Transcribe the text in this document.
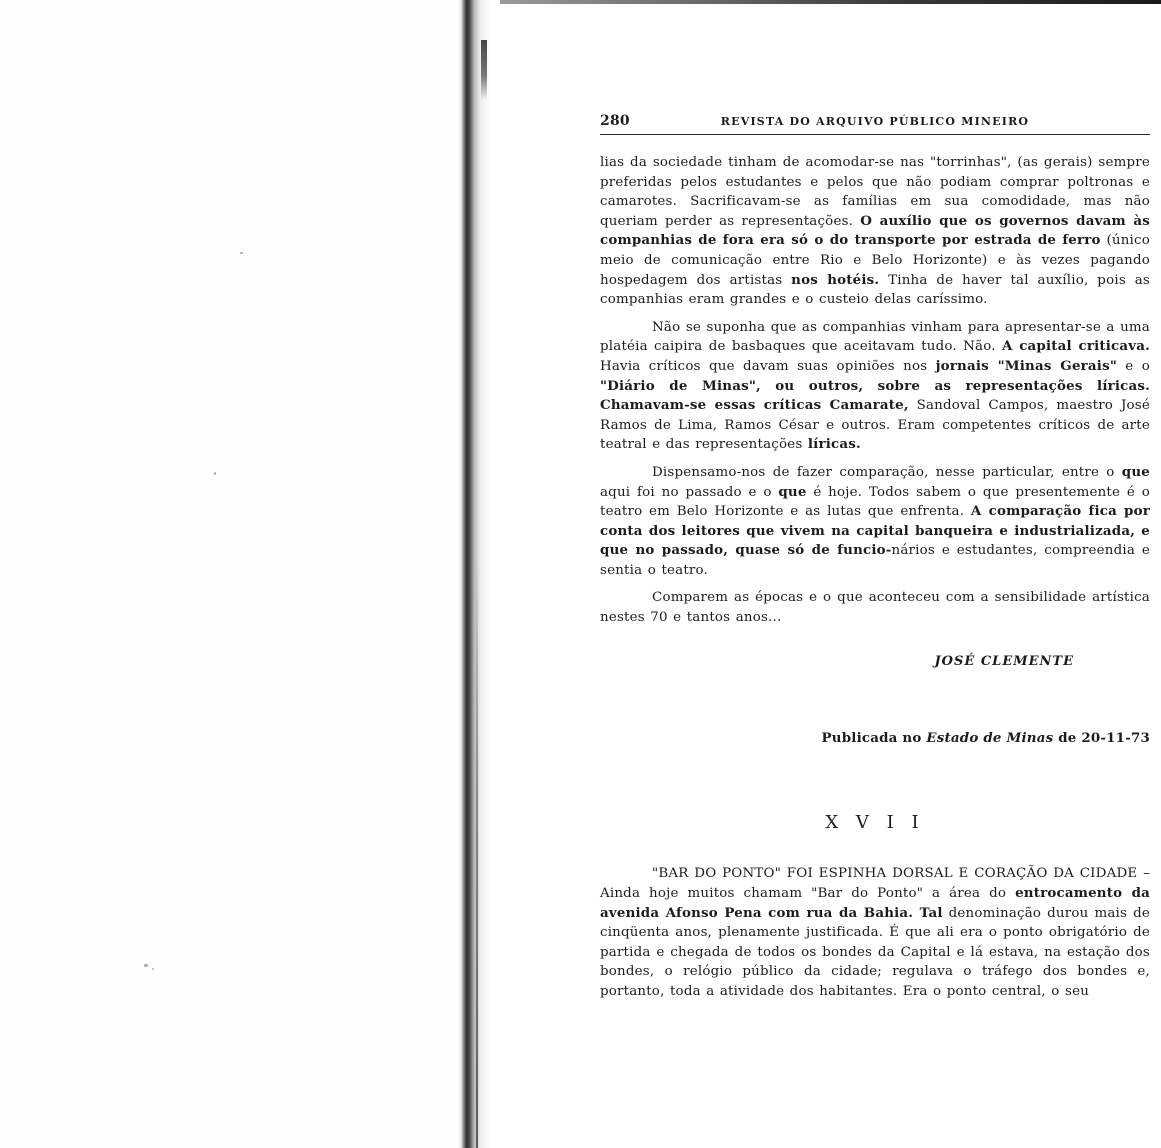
280	REVISTA DO ARQUIVO PÚBLICO MINEIRO

lias da sociedade tinham de acomodar-se nas "torrinhas", (as gerais) sempre preferidas pelos estudantes e pelos que não podiam comprar poltronas e camarotes. Sacrificavam-se as famílias em sua comodidade, mas não queriam perder as representações. O auxílio que os governos davam às companhias de fora era só o do transporte por estrada de ferro (único meio de comunicação entre Rio e Belo Horizonte) e às vezes pagando hospedagem dos artistas nos hotéis. Tinha de haver tal auxílio, pois as companhias eram grandes e o custeio delas caríssimo.

Não se suponha que as companhias vinham para apresentar-se a uma platéia caipira de basbaques que aceitavam tudo. Não. A capital criticava. Havia críticos que davam suas opiniões nos jornais "Minas Gerais" e o "Diário de Minas", ou outros, sobre as representações líricas. Chamavam-se essas críticas Camarate, Sandoval Campos, maestro José Ramos de Lima, Ramos César e outros. Eram competentes críticos de arte teatral e das representações líricas.

Dispensamo-nos de fazer comparação, nesse particular, entre o que aqui foi no passado e o que é hoje. Todos sabem o que presentemente é o teatro em Belo Horizonte e as lutas que enfrenta. A comparação fica por conta dos leitores que vivem na capital banqueira e industrializada, e que no passado, quase só de funcio-nários e estudantes, compreendia e sentia o teatro.

Comparem as épocas e o que aconteceu com a sensibilidade artística nestes 70 e tantos anos...

JOSÉ CLEMENTE
Publicada no Estado de Minas de 20-11-73
X V I I

"BAR DO PONTO" FOI ESPINHA DORSAL E CORAÇÃO DA CIDADE – Ainda hoje muitos chamam "Bar do Ponto" a área do entrocamento da avenida Afonso Pena com rua da Bahia. Tal denominação durou mais de cinqüenta anos, plenamente justificada. É que ali era o ponto obrigatório de partida e chegada de todos os bondes da Capital e lá estava, na estação dos bondes, o relógio público da cidade; regulava o tráfego dos bondes e, portanto, toda a atividade dos habitantes. Era o ponto central, o seu
